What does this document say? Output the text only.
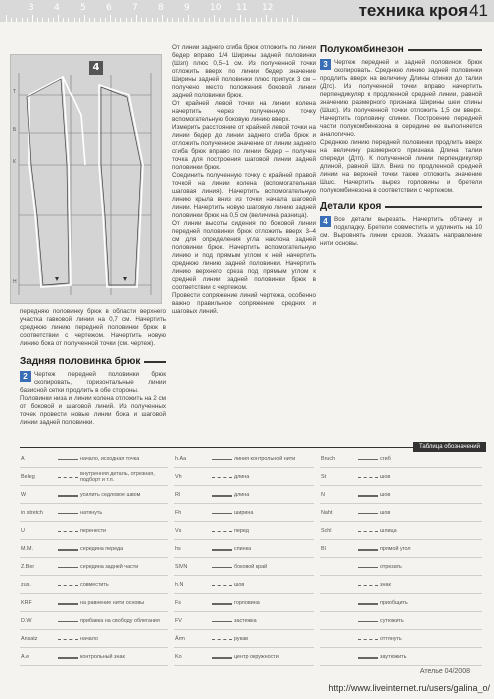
3 4 5 6 7 8 9 10 11 12	техника кроя 41
Т
Б
К
Н
4

передняю половинку брюк в области верхнего участка гавковой линии на 0,7 см. Начертить среднюю линию передней половинки брюк в соответствии с чертежом. Начертить новую линию бока от полученной точки (см. чертеж).

Задняя половинка брюк
2 Чертеж передней половинки брюк скопировать, горизонтальные линии базисной сетки продлить в обе стороны.

Половинки низа и линии колена отложить на 2 см от боковой и шаговой линий. Из полученных точек провести новые линии бока и шаговой линии задней половинки.

От линии заднего сгиба брюк отложить по линии бедер вправо 1/4 Ширины задней половинки (Шзп) плюс 0,5–1 см. Из полученной точки отложить вверх по линии бедер значение Ширины задней половинки плюс припуск 3 см – получено место положения боковой линии задней половинки брюк.

От крайней левой точки на линии колена начертить через полученную точку вспомогательную боковую линию вверх.

Измерить расстояние от крайней левой точки на линии бедер до линии заднего сгиба брюк и отложить полученное значение от линии заднего сгиба брюк вправо по линии бедер – получен точка для построения шаговой линии задней половинки брюк.

Соединить полученную точку с крайней правой точкой на линии колена (вспомогательная шаговая линия). Начертить вспомогательную линию крыла вниз из точки начала шаговой линии. Начертить новую шаговую линию задней половинки брюк на 0,5 см (величина разница).

От линии высоты сидения по боковой линии передней половинки брюк отложить вверх 3–4 см для определения угла наклона задней половинки брюк. Начертить вспомогательную линию и под прямым углом к ней начертить среднюю линию задней половинки. Начертить линию верхнего среза под прямым углом к средней линии задней половинки брюк в соответствии с чертежом.

Провести сопряжение линий чертежа, особенно важно правильное сопряжение средних и шаговых линий.

Полукомбинезон
3 Чертеж передней и задней половинок брюк скопировать. Среднюю линию задней половинки продлить вверх на величину Длины спинки до талии (Дтс). Из полученной точки вправо начертить перпендикуляр к продленной средней линии, равной значению размерного признака Ширины шеи спины (Шшс). Из полученной точки отложить 1,5 см вверх. Начертить горловину спинки. Построение передней части полукомбинезона в середине ее выполняется аналогично.

Среднюю линию передней половинки продлить вверх на величину размерного признака Длина талии спереди (Дтп). К полученной линии перпендикуляр длиной, равной Шгл. Вниз по продленной средней линии на верхней точки также отложить значение Шшс. Начертить вырез горловины и бретели полукомбинезона в соответствии с чертежом.

Детали кроя
4 Все детали вырезать. Начертить обтачку и подкладку. Бретели совместить и удлинить на 10 см. Выровнять линии срезов. Указать направление нити основы.

Таблица обозначений
А	начало, исходная точка
Beleg	внутренняя деталь, отрезная, подборт и т.п.
W	усилить седловое швом
in stretch	натянуть
U	перенести
M.M.	середина переда
Z.Ber	середина задней части
zus.	совместить
KRF	на равнение нити основы
D.W	прибавка на свободу облегания
Ansatz	начало
A.e	контрольный знак
h.Aa	линия контрольной нити
Vh	длина
Rl	длина
Fh	ширина
Vs	перед
hs	спинка
SlVN	боковой край
h.N	шов
Fs	горловина
FV	застежка
Ärm	рукав
Ko	центр окружности
Bruch	сгиб
St	шов
N	шов
Naht	шов
Schl	шлица
Bl	прямой угол
отрезать
знак
приобщить
сутюжить
оттянуть
заутюжить
Ателье 04/2008
http://www.liveinternet.ru/users/galina_o/
